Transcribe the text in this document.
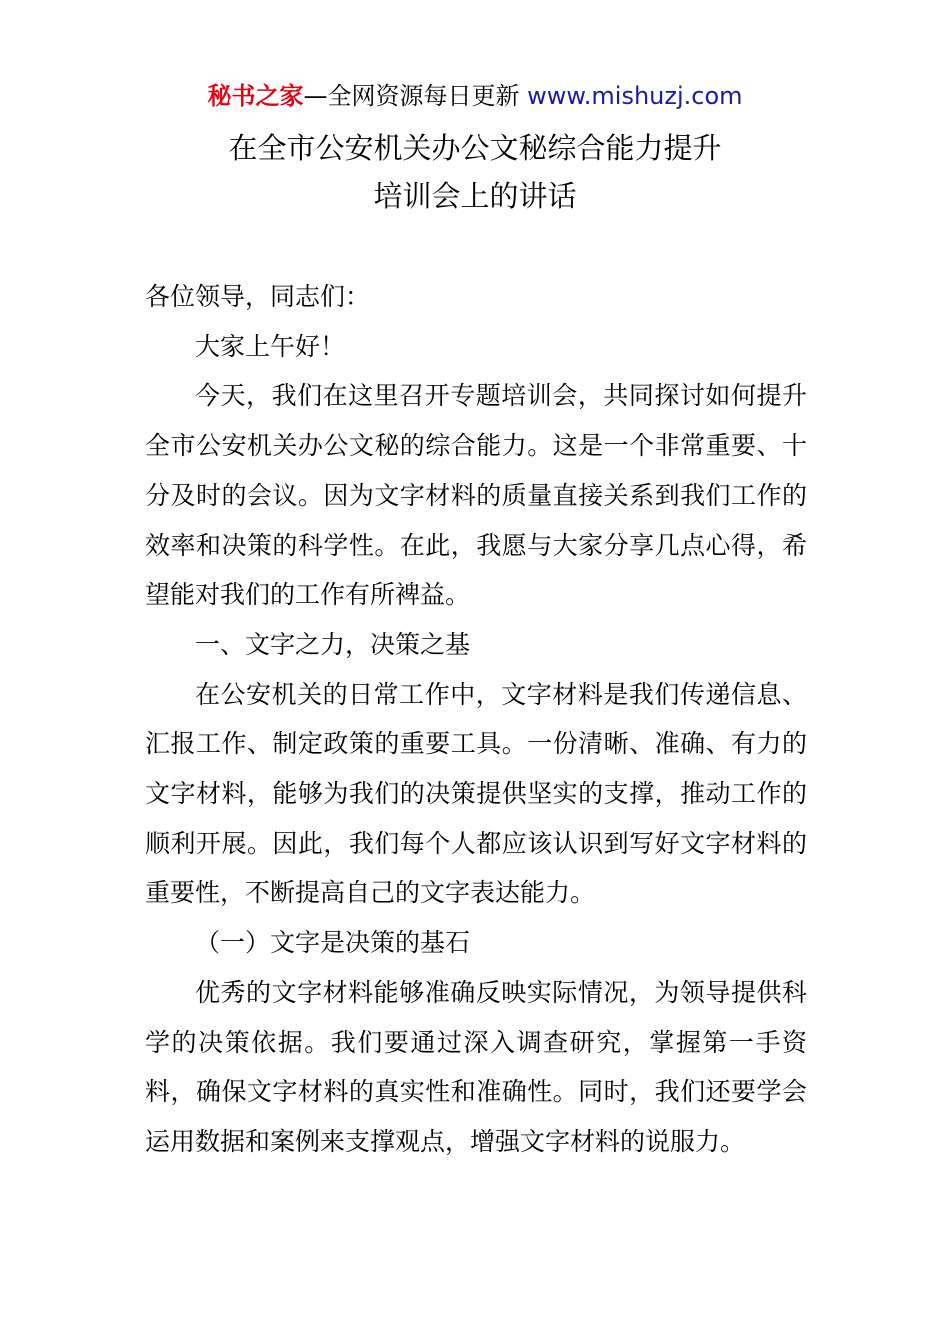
秘书之家—全网资源每日更新 www.mishuzj.com
在全市公安机关办公文秘综合能力提升
培训会上的讲话

各位领导，同志们：

大家上午好！

今天，我们在这里召开专题培训会，共同探讨如何提升全市公安机关办公文秘的综合能力。这是一个非常重要、十分及时的会议。因为文字材料的质量直接关系到我们工作的效率和决策的科学性。在此，我愿与大家分享几点心得，希望能对我们的工作有所裨益。

一、文字之力，决策之基

在公安机关的日常工作中，文字材料是我们传递信息、汇报工作、制定政策的重要工具。一份清晰、准确、有力的文字材料，能够为我们的决策提供坚实的支撑，推动工作的顺利开展。因此，我们每个人都应该认识到写好文字材料的重要性，不断提高自己的文字表达能力。

（一）文字是决策的基石

优秀的文字材料能够准确反映实际情况，为领导提供科学的决策依据。我们要通过深入调查研究，掌握第一手资料，确保文字材料的真实性和准确性。同时，我们还要学会运用数据和案例来支撑观点，增强文字材料的说服力。
